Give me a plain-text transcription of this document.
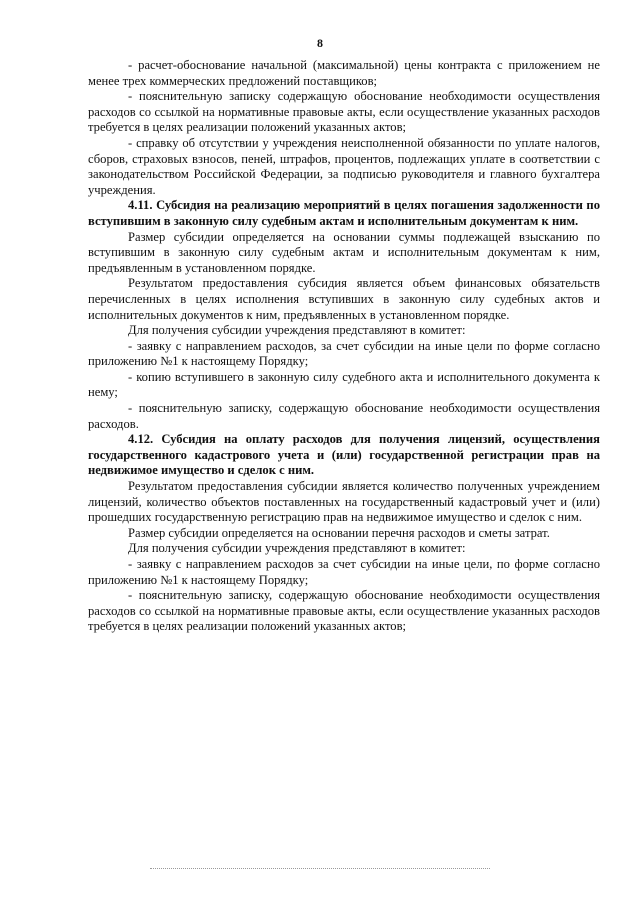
8

- расчет-обоснование начальной (максимальной) цены контракта с приложением не менее трех коммерческих предложений поставщиков;

- пояснительную записку содержащую обоснование необходимости осуществления расходов со ссылкой на нормативные правовые акты, если осуществление указанных расходов требуется в целях реализации положений указанных актов;

- справку об отсутствии у учреждения неисполненной обязанности по уплате налогов, сборов, страховых взносов, пеней, штрафов, процентов, подлежащих уплате в соответствии с законодательством Российской Федерации, за подписью руководителя и главного бухгалтера учреждения.

4.11. Субсидия на реализацию мероприятий в целях погашения задолженности по вступившим в законную силу судебным актам и исполнительным документам к ним.

Размер субсидии определяется на основании суммы подлежащей взысканию по вступившим в законную силу судебным актам и исполнительным документам к ним, предъявленным в установленном порядке.

Результатом предоставления субсидия является объем финансовых обязательств перечисленных в целях исполнения вступивших в законную силу судебных актов и исполнительных документов к ним, предъявленных в установленном порядке.

Для получения субсидии учреждения представляют в комитет:

- заявку с направлением расходов, за счет субсидии на иные цели по форме согласно приложению №1 к настоящему Порядку;

- копию вступившего в законную силу судебного акта и исполнительного документа к нему;

- пояснительную записку, содержащую обоснование необходимости осуществления расходов.

4.12. Субсидия на оплату расходов для получения лицензий, осуществления государственного кадастрового учета и (или) государственной регистрации прав на недвижимое имущество и сделок с ним.

Результатом предоставления субсидии является количество полученных учреждением лицензий, количество объектов поставленных на государственный кадастровый учет и (или) прошедших государственную регистрацию прав на недвижимое имущество и сделок с ним.

Размер субсидии определяется на основании перечня расходов и сметы затрат.

Для получения субсидии учреждения представляют в комитет:

- заявку с направлением расходов за счет субсидии на иные цели, по форме согласно приложению №1 к настоящему Порядку;

- пояснительную записку, содержащую обоснование необходимости осуществления расходов со ссылкой на нормативные правовые акты, если осуществление указанных расходов требуется в целях реализации положений указанных актов;
